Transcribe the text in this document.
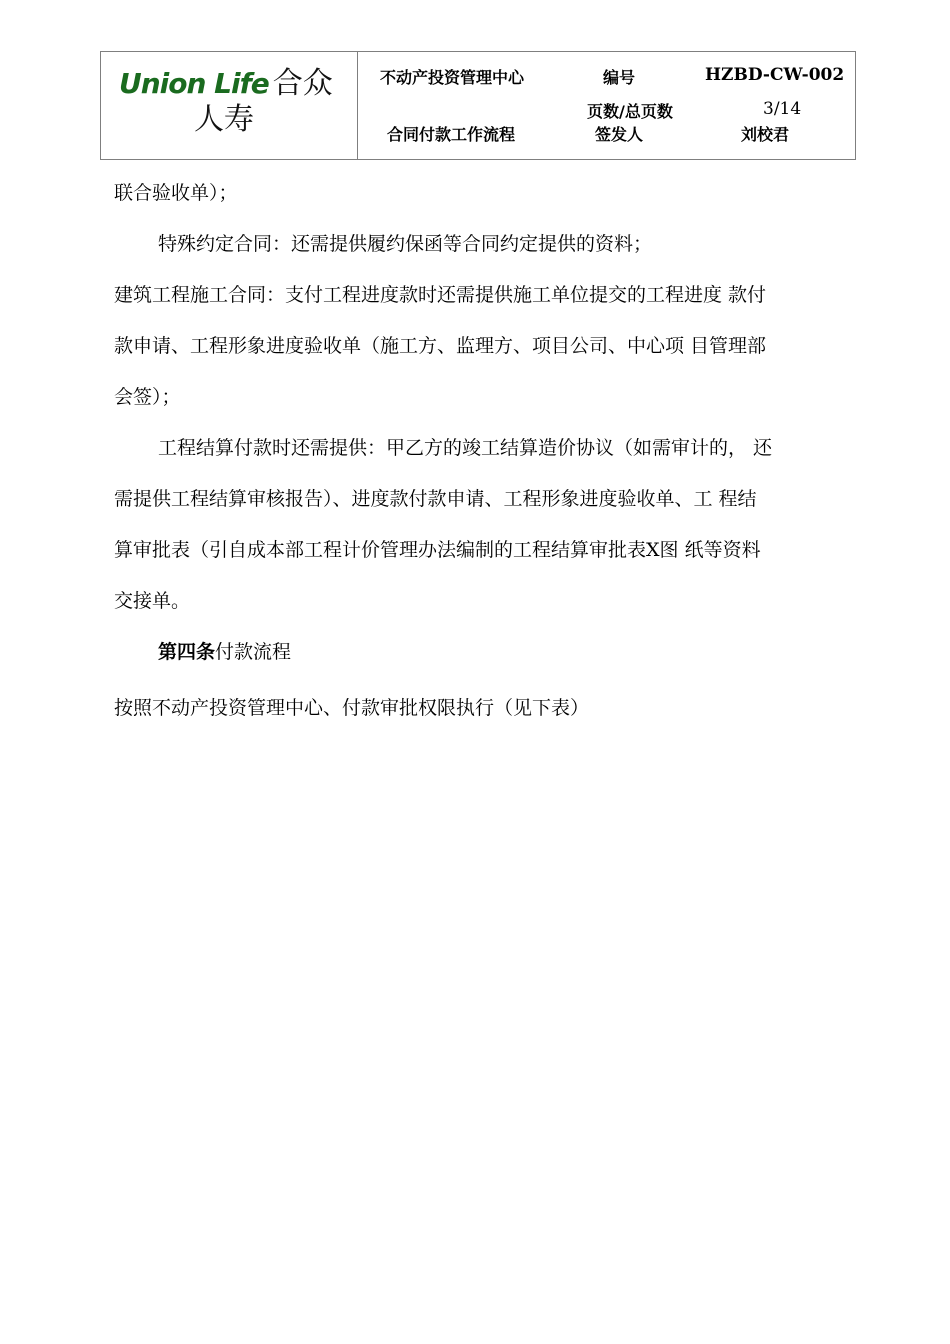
Union Life 合众
人寿
不动产投资管理中心
合同付款工作流程
编号	HZBD-CW-002
页数/总页数	3/14
签发人	刘校君
联合验收单）；
特殊约定合同：还需提供履约保函等合同约定提供的资料；
建筑工程施工合同：支付工程进度款时还需提供施工单位提交的工程进度 款付
款申请、工程形象进度验收单（施工方、监理方、项目公司、中心项 目管理部
会签）；
工程结算付款时还需提供：甲乙方的竣工结算造价协议（如需审计的， 还
需提供工程结算审核报告）、进度款付款申请、工程形象进度验收单、工 程结
算审批表（引自成本部工程计价管理办法编制的工程结算审批表Ⅹ图 纸等资料
交接单。
第四条付款流程
按照不动产投资管理中心、付款审批权限执行（见下表）
